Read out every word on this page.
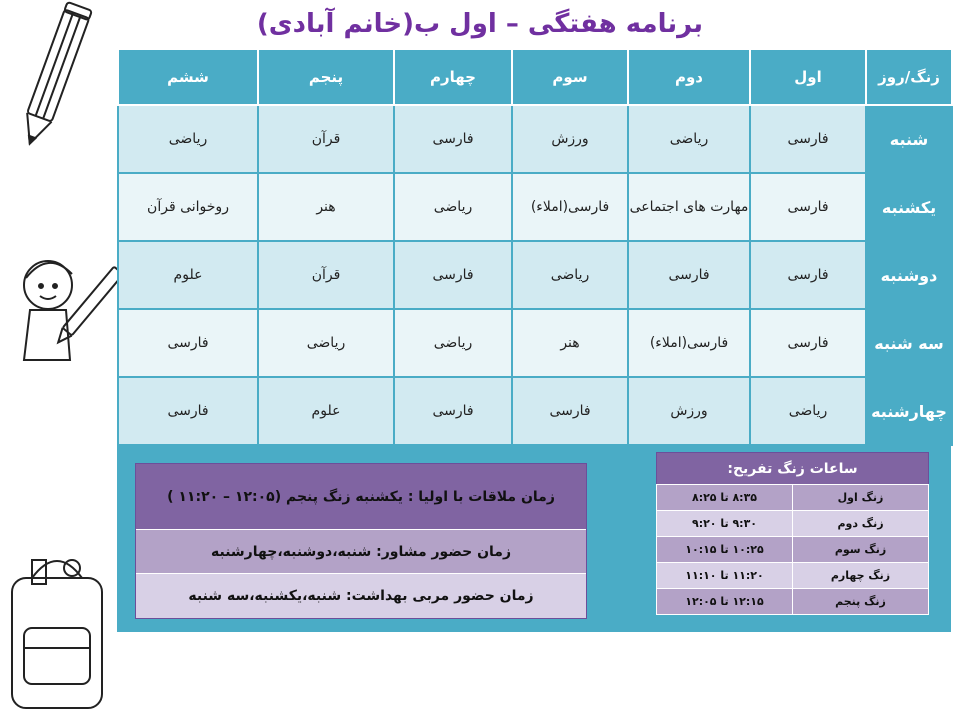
برنامه هفتگی – اول ب(خانم آبادی)
زنگ/روز	اول	دوم	سوم	چهارم	پنجم	ششم
شنبه	فارسی	ریاضی	ورزش	فارسی	قرآن	ریاضی
یکشنبه	فارسی	مهارت های اجتماعی	فارسی(املاء)	ریاضی	هنر	روخوانی قرآن
دوشنبه	فارسی	فارسی	ریاضی	فارسی	قرآن	علوم
سه شنبه	فارسی	فارسی(املاء)	هنر	ریاضی	ریاضی	فارسی
چهارشنبه	ریاضی	ورزش	فارسی	فارسی	علوم	فارسی
زمان ملاقات با اولیا : یکشنبه زنگ پنجم (۱۲:۰۵ – ۱۱:۲۰ )
زمان حضور مشاور: شنبه،دوشنبه،چهارشنبه
زمان حضور مربی بهداشت: شنبه،یکشنبه،سه شنبه
ساعات زنگ تفریح:	
زنگ اول	۸:۳۵ تا ۸:۲۵
زنگ دوم	۹:۳۰ تا ۹:۲۰
زنگ سوم	۱۰:۲۵ تا ۱۰:۱۵
زنگ چهارم	۱۱:۲۰ تا ۱۱:۱۰
زنگ پنجم	۱۲:۱۵ تا ۱۲:۰۵
